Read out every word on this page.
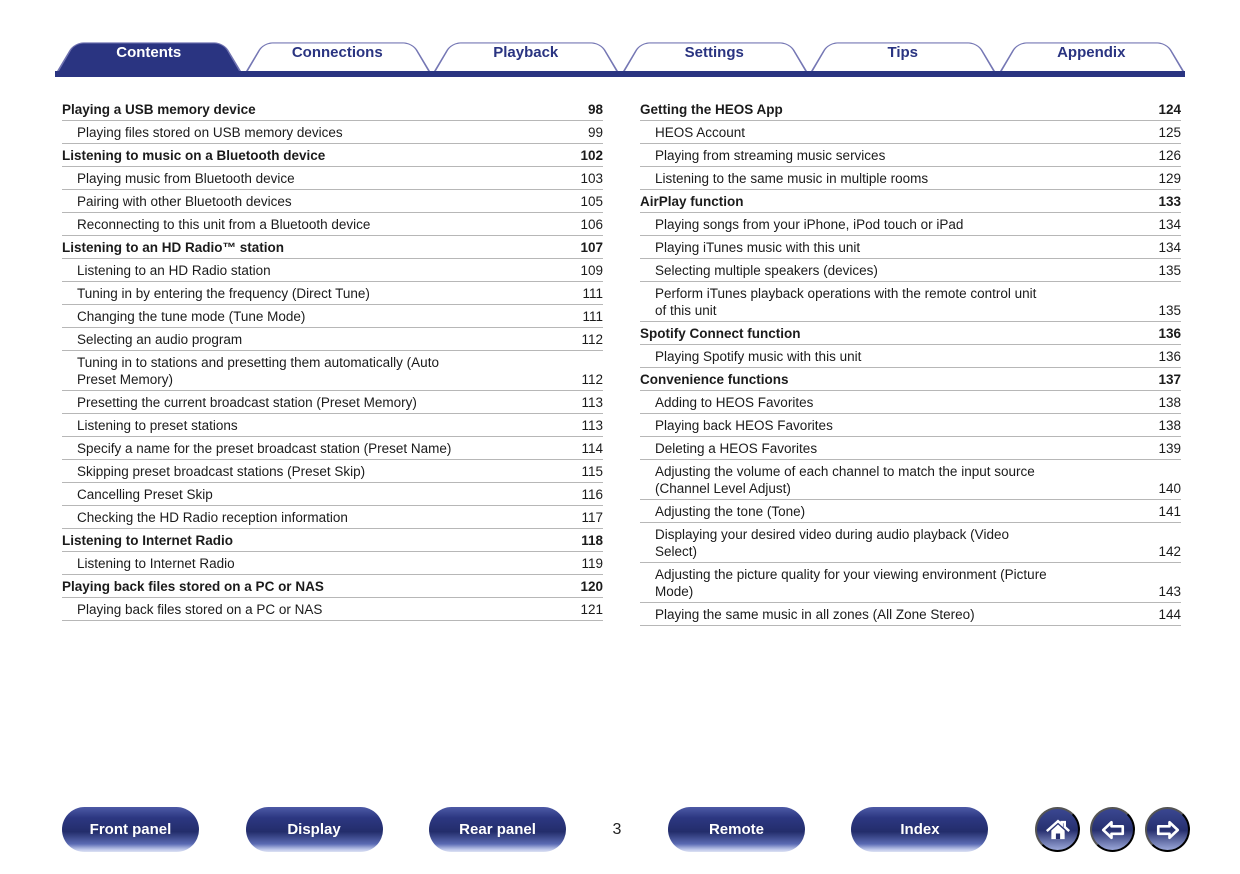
Contents	Connections	Playback	Settings	Tips	Appendix
Playing a USB memory device	98
Playing files stored on USB memory devices	99
Listening to music on a Bluetooth device	102
Playing music from Bluetooth device	103
Pairing with other Bluetooth devices	105
Reconnecting to this unit from a Bluetooth device	106
Listening to an HD Radio™ station	107
Listening to an HD Radio station	109
Tuning in by entering the frequency (Direct Tune)	111
Changing the tune mode (Tune Mode)	111
Selecting an audio program	112
Tuning in to stations and presetting them automatically (Auto
Preset Memory)	112
Presetting the current broadcast station (Preset Memory)	113
Listening to preset stations	113
Specify a name for the preset broadcast station (Preset Name)	114
Skipping preset broadcast stations (Preset Skip)	115
Cancelling Preset Skip	116
Checking the HD Radio reception information	117
Listening to Internet Radio	118
Listening to Internet Radio	119
Playing back files stored on a PC or NAS	120
Playing back files stored on a PC or NAS	121
Getting the HEOS App	124
HEOS Account	125
Playing from streaming music services	126
Listening to the same music in multiple rooms	129
AirPlay function	133
Playing songs from your iPhone, iPod touch or iPad	134
Playing iTunes music with this unit	134
Selecting multiple speakers (devices)	135
Perform iTunes playback operations with the remote control unit
of this unit	135
Spotify Connect function	136
Playing Spotify music with this unit	136
Convenience functions	137
Adding to HEOS Favorites	138
Playing back HEOS Favorites	138
Deleting a HEOS Favorites	139
Adjusting the volume of each channel to match the input source
(Channel Level Adjust)	140
Adjusting the tone (Tone)	141
Displaying your desired video during audio playback (Video
Select)	142
Adjusting the picture quality for your viewing environment (Picture
Mode)	143
Playing the same music in all zones (All Zone Stereo)	144
Front panel	Display	Rear panel	3	Remote	Index
